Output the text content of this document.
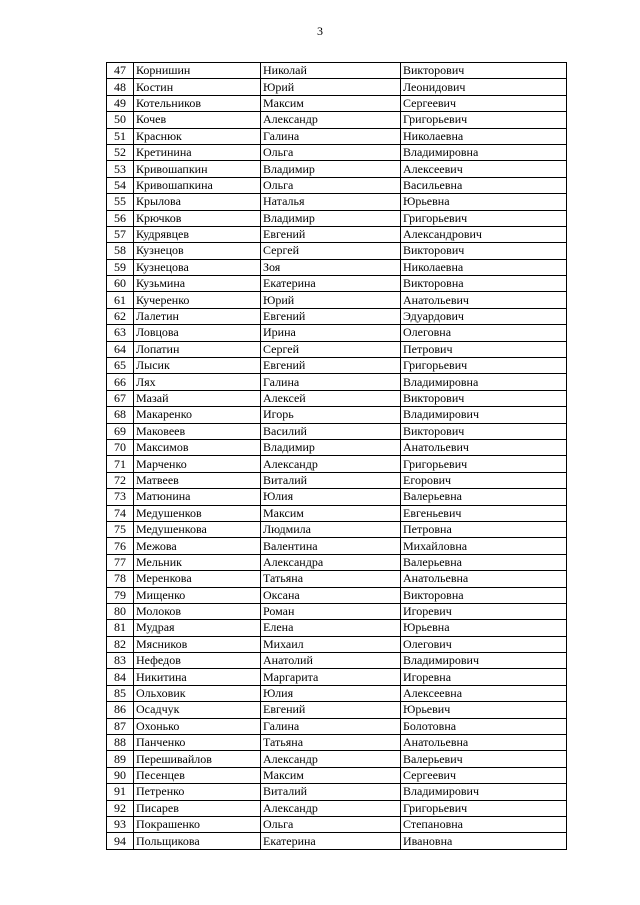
3
47	Корнишин	Николай	Викторович
48	Костин	Юрий	Леонидович
49	Котельников	Максим	Сергеевич
50	Кочев	Александр	Григорьевич
51	Краснюк	Галина	Николаевна
52	Кретинина	Ольга	Владимировна
53	Кривошапкин	Владимир	Алексеевич
54	Кривошапкина	Ольга	Васильевна
55	Крылова	Наталья	Юрьевна
56	Крючков	Владимир	Григорьевич
57	Кудрявцев	Евгений	Александрович
58	Кузнецов	Сергей	Викторович
59	Кузнецова	Зоя	Николаевна
60	Кузьмина	Екатерина	Викторовна
61	Кучеренко	Юрий	Анатольевич
62	Лалетин	Евгений	Эдуардович
63	Ловцова	Ирина	Олеговна
64	Лопатин	Сергей	Петрович
65	Лысик	Евгений	Григорьевич
66	Лях	Галина	Владимировна
67	Мазай	Алексей	Викторович
68	Макаренко	Игорь	Владимирович
69	Маковеев	Василий	Викторович
70	Максимов	Владимир	Анатольевич
71	Марченко	Александр	Григорьевич
72	Матвеев	Виталий	Егорович
73	Матюнина	Юлия	Валерьевна
74	Медушенков	Максим	Евгеньевич
75	Медушенкова	Людмила	Петровна
76	Межова	Валентина	Михайловна
77	Мельник	Александра	Валерьевна
78	Меренкова	Татьяна	Анатольевна
79	Мищенко	Оксана	Викторовна
80	Молоков	Роман	Игоревич
81	Мудрая	Елена	Юрьевна
82	Мясников	Михаил	Олегович
83	Нефедов	Анатолий	Владимирович
84	Никитина	Маргарита	Игоревна
85	Ольховик	Юлия	Алексеевна
86	Осадчук	Евгений	Юрьевич
87	Охонько	Галина	Болотовна
88	Панченко	Татьяна	Анатольевна
89	Перешивайлов	Александр	Валерьевич
90	Песенцев	Максим	Сергеевич
91	Петренко	Виталий	Владимирович
92	Писарев	Александр	Григорьевич
93	Покрашенко	Ольга	Степановна
94	Польщикова	Екатерина	Ивановна
